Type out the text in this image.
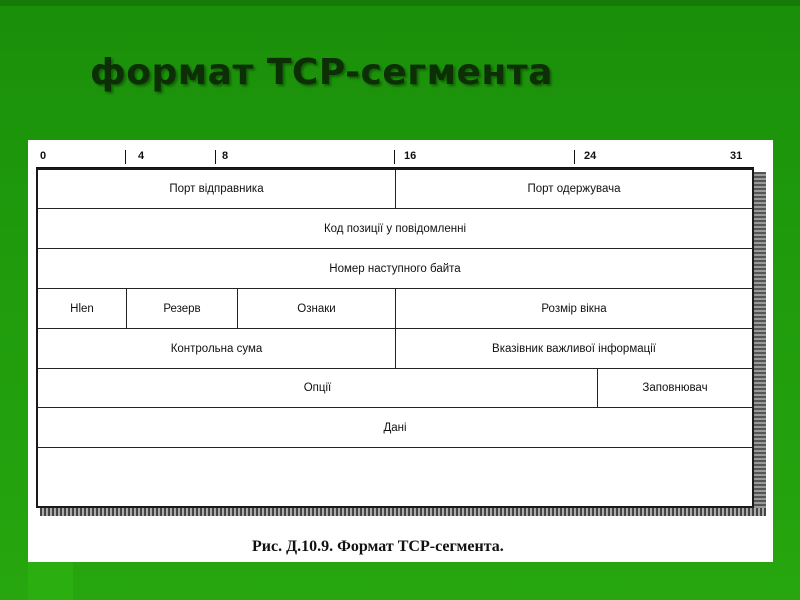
формат TCP-сегмента
0	4	8	16	24	31
Порт відправника	Порт одержувача
Код позиції у повідомленні
Номер наступного байта
Hlen	Резерв	Ознаки	Розмір вікна
Контрольна сума	Вказівник важливої інформації
Опції	Заповнювач
Дані
Рис. Д.10.9. Формат TCP-сегмента.
